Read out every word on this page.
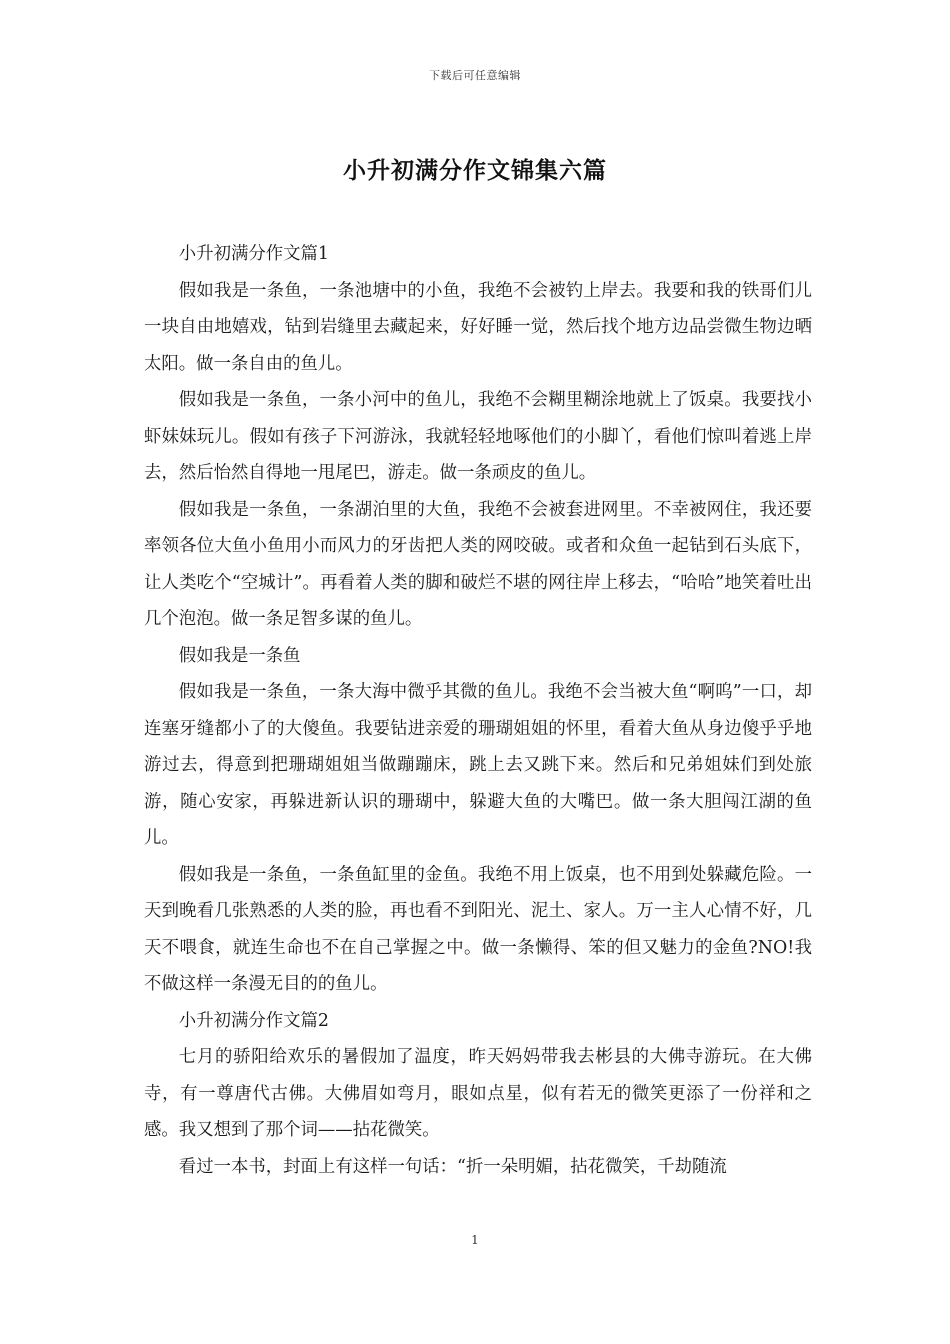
下载后可任意编辑
小升初满分作文锦集六篇

小升初满分作文篇1

假如我是一条鱼，一条池塘中的小鱼，我绝不会被钓上岸去。我要和我的铁哥们儿一块自由地嬉戏，钻到岩缝里去藏起来，好好睡一觉，然后找个地方边品尝微生物边晒太阳。做一条自由的鱼儿。

假如我是一条鱼，一条小河中的鱼儿，我绝不会糊里糊涂地就上了饭桌。我要找小虾妹妹玩儿。假如有孩子下河游泳，我就轻轻地啄他们的小脚丫，看他们惊叫着逃上岸去，然后怡然自得地一甩尾巴，游走。做一条顽皮的鱼儿。

假如我是一条鱼，一条湖泊里的大鱼，我绝不会被套进网里。不幸被网住，我还要率领各位大鱼小鱼用小而风力的牙齿把人类的网咬破。或者和众鱼一起钻到石头底下，让人类吃个“空城计”。再看着人类的脚和破烂不堪的网往岸上移去，“哈哈”地笑着吐出几个泡泡。做一条足智多谋的鱼儿。

假如我是一条鱼

假如我是一条鱼，一条大海中微乎其微的鱼儿。我绝不会当被大鱼“啊呜”一口，却连塞牙缝都小了的大傻鱼。我要钻进亲爱的珊瑚姐姐的怀里，看着大鱼从身边傻乎乎地游过去，得意到把珊瑚姐姐当做蹦蹦床，跳上去又跳下来。然后和兄弟姐妹们到处旅游，随心安家，再躲进新认识的珊瑚中，躲避大鱼的大嘴巴。做一条大胆闯江湖的鱼儿。

假如我是一条鱼，一条鱼缸里的金鱼。我绝不用上饭桌，也不用到处躲藏危险。一天到晚看几张熟悉的人类的脸，再也看不到阳光、泥土、家人。万一主人心情不好，几天不喂食，就连生命也不在自己掌握之中。做一条懒得、笨的但又魅力的金鱼?NO!我不做这样一条漫无目的的鱼儿。

小升初满分作文篇2

七月的骄阳给欢乐的暑假加了温度，昨天妈妈带我去彬县的大佛寺游玩。在大佛寺，有一尊唐代古佛。大佛眉如弯月，眼如点星，似有若无的微笑更添了一份祥和之感。我又想到了那个词——拈花微笑。

看过一本书，封面上有这样一句话：“折一朵明媚，拈花微笑，千劫随流

1
